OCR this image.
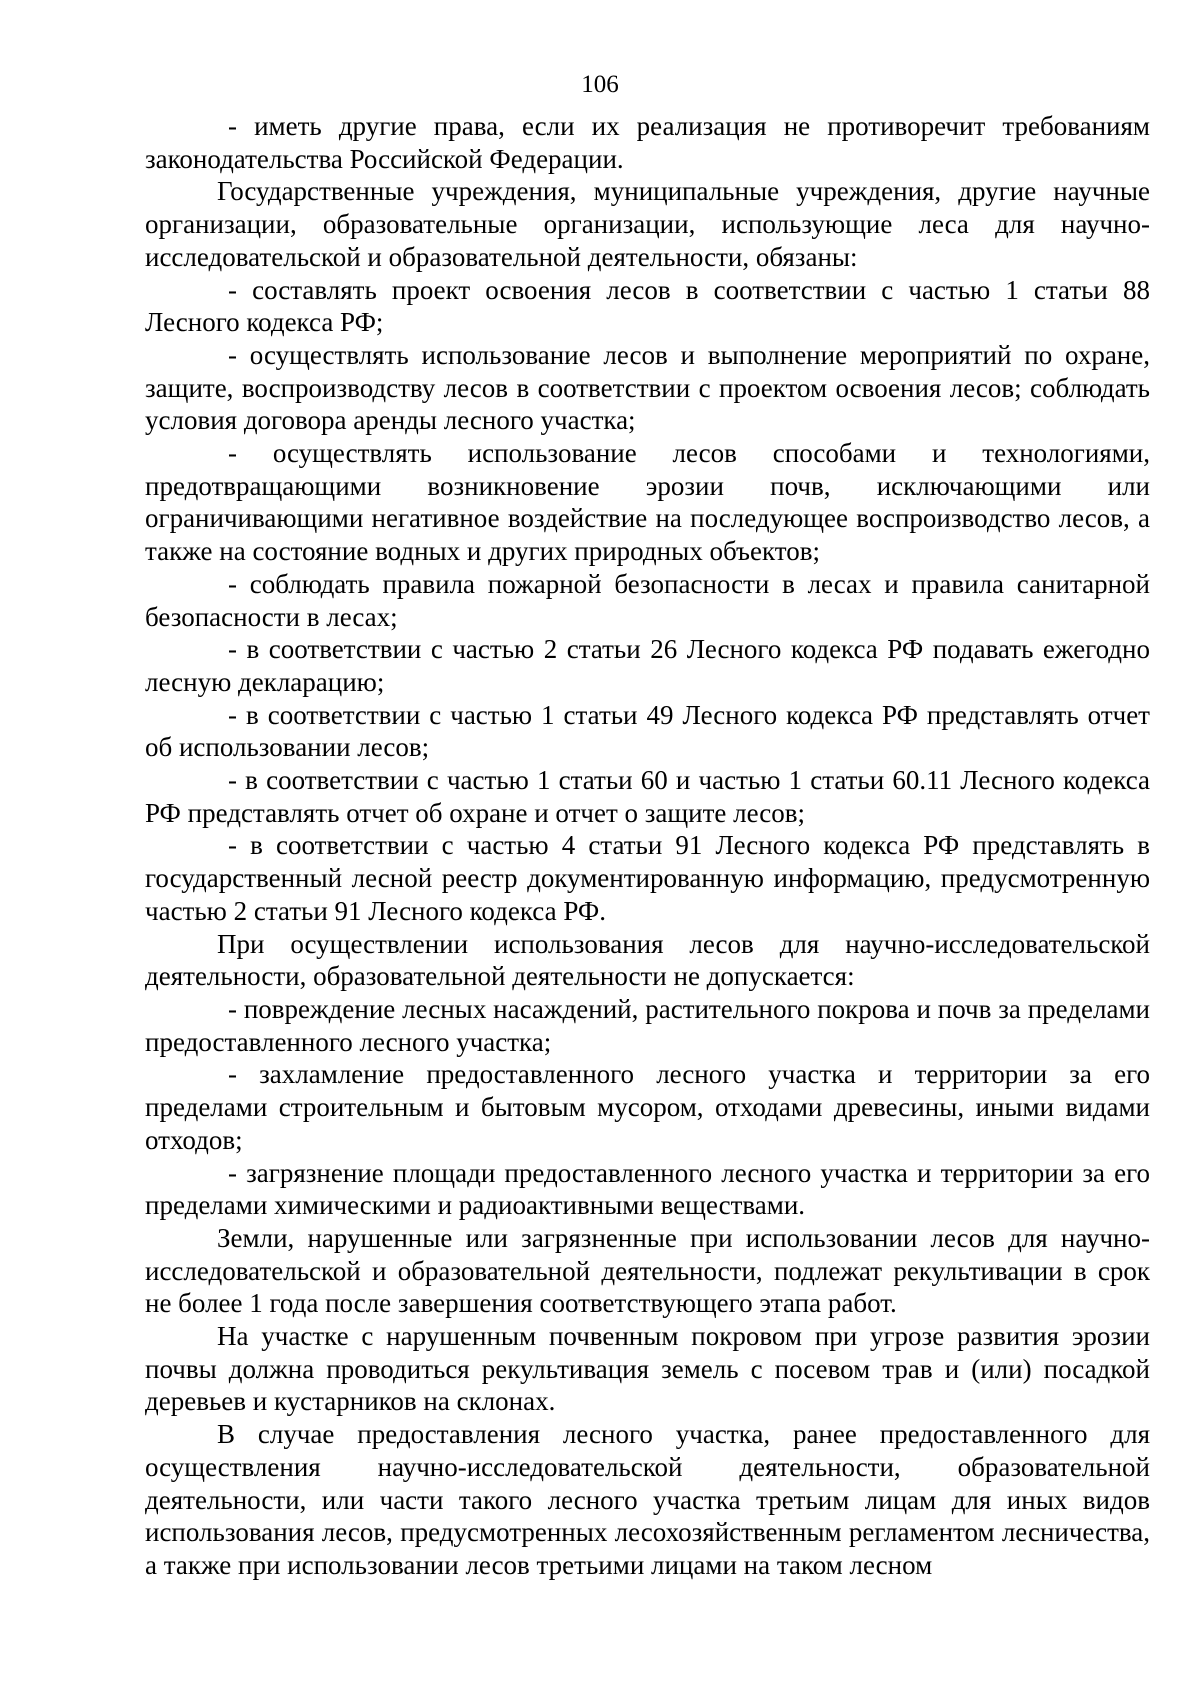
106

- иметь другие права, если их реализация не противоречит требованиям законодательства Российской Федерации.

Государственные учреждения, муниципальные учреждения, другие научные организации, образовательные организации, использующие леса для научно-исследовательской и образовательной деятельности, обязаны:

- составлять проект освоения лесов в соответствии с частью 1 статьи 88 Лесного кодекса РФ;

- осуществлять использование лесов и выполнение мероприятий по охране, защите, воспроизводству лесов в соответствии с проектом освоения лесов; соблюдать условия договора аренды лесного участка;

- осуществлять использование лесов способами и технологиями, предотвращающими возникновение эрозии почв, исключающими или ограничивающими негативное воздействие на последующее воспроизводство лесов, а также на состояние водных и других природных объектов;

- соблюдать правила пожарной безопасности в лесах и правила санитарной безопасности в лесах;

- в соответствии с частью 2 статьи 26 Лесного кодекса РФ подавать ежегодно лесную декларацию;

- в соответствии с частью 1 статьи 49 Лесного кодекса РФ представлять отчет об использовании лесов;

- в соответствии с частью 1 статьи 60 и частью 1 статьи 60.11 Лесного кодекса РФ представлять отчет об охране и отчет о защите лесов;

- в соответствии с частью 4 статьи 91 Лесного кодекса РФ представлять в государственный лесной реестр документированную информацию, предусмотренную частью 2 статьи 91 Лесного кодекса РФ.

При осуществлении использования лесов для научно-исследовательской деятельности, образовательной деятельности не допускается:

- повреждение лесных насаждений, растительного покрова и почв за пределами предоставленного лесного участка;

- захламление предоставленного лесного участка и территории за его пределами строительным и бытовым мусором, отходами древесины, иными видами отходов;

- загрязнение площади предоставленного лесного участка и территории за его пределами химическими и радиоактивными веществами.

Земли, нарушенные или загрязненные при использовании лесов для научно-исследовательской и образовательной деятельности, подлежат рекультивации в срок не более 1 года после завершения соответствующего этапа работ.

На участке с нарушенным почвенным покровом при угрозе развития эрозии почвы должна проводиться рекультивация земель с посевом трав и (или) посадкой деревьев и кустарников на склонах.

В случае предоставления лесного участка, ранее предоставленного для осуществления научно-исследовательской деятельности, образовательной деятельности, или части такого лесного участка третьим лицам для иных видов использования лесов, предусмотренных лесохозяйственным регламентом лесничества, а также при использовании лесов третьими лицами на таком лесном
